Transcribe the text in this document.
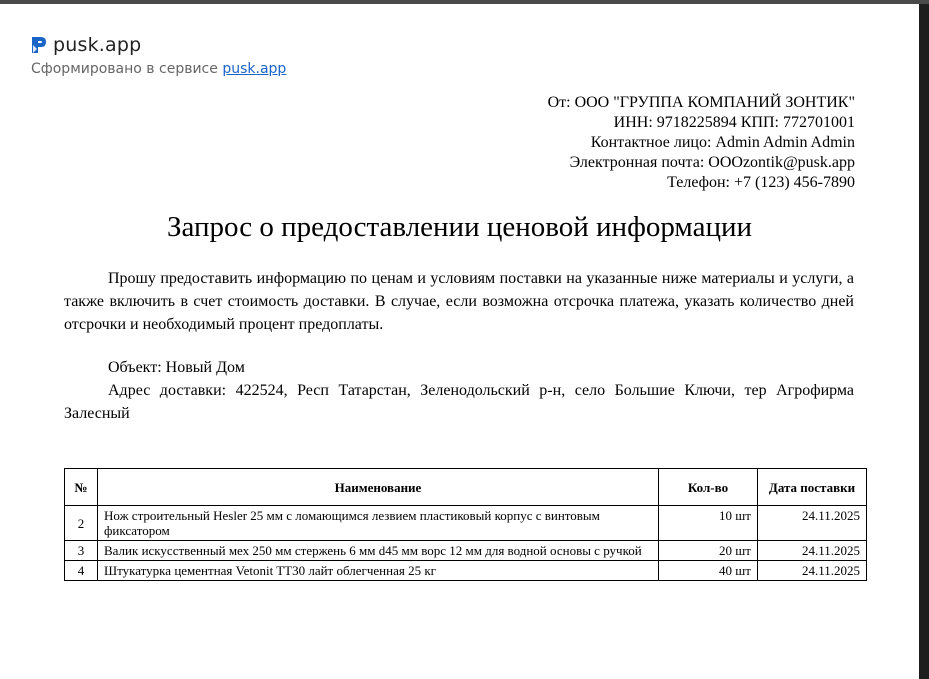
pusk.app
Сформировано в сервисе pusk.app
От: ООО "ГРУППА КОМПАНИЙ ЗОНТИК"
ИНН: 9718225894 КПП: 772701001
Контактное лицо: Admin Admin Admin
Электронная почта: OOOzontik@pusk.app
Телефон: +7 (123) 456-7890
Запрос о предоставлении ценовой информации
Прошу предоставить информацию по ценам и условиям поставки на указанные ниже материалы и услуги, а также включить в счет стоимость доставки. В случае, если возможна отсрочка платежа, указать количество дней отсрочки и необходимый процент предоплаты.
Объект: Новый Дом
Адрес доставки: 422524, Респ Татарстан, Зеленодольский р-н, село Большие Ключи, тер Агрофирма Залесный
№	Наименование	Кол-во	Дата поставки
2	Нож строительный Hesler 25 мм с ломающимся лезвием пластиковый корпус с винтовым фиксатором	10 шт	24.11.2025
3	Валик искусственный мех 250 мм стержень 6 мм d45 мм ворс 12 мм для водной основы с ручкой	20 шт	24.11.2025
4	Штукатурка цементная Vetonit TT30 лайт облегченная 25 кг	40 шт	24.11.2025
